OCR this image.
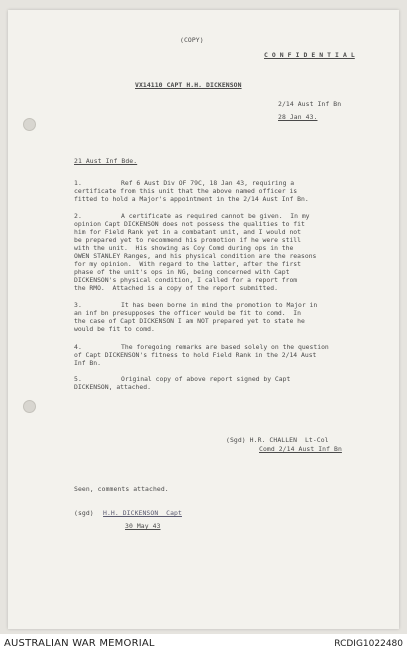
(COPY)
C O N F I D E N T I A L
VX14110 CAPT H.H. DICKENSON
2/14 Aust Inf Bn
28 Jan 43.
21 Aust Inf Bde.
1.	Ref 6 Aust Div OF 79C, 18 Jan 43, requiring a
certificate from this unit that the above named officer is
fitted to hold a Major's appointment in the 2/14 Aust Inf Bn.
2.	A certificate as required cannot be given.  In my
opinion Capt DICKENSON does not possess the qualities to fit
him for Field Rank yet in a combatant unit, and I would not
be prepared yet to recommend his promotion if he were still
with the unit.  His showing as Coy Comd during ops in the
OWEN STANLEY Ranges, and his physical condition are the reasons
for my opinion.  With regard to the latter, after the first
phase of the unit's ops in NG, being concerned with Capt
DICKENSON's physical condition, I called for a report from
the RMO.  Attached is a copy of the report submitted.
3.	It has been borne in mind the promotion to Major in
an inf bn presupposes the officer would be fit to comd.  In
the case of Capt DICKENSON I am NOT prepared yet to state he
would be fit to comd.
4.	The foregoing remarks are based solely on the question
of Capt DICKENSON's fitness to hold Field Rank in the 2/14 Aust
Inf Bn.
5.	Original copy of above report signed by Capt
DICKENSON, attached.
(Sgd) H.R. CHALLEN  Lt-Col
Comd 2/14 Aust Inf Bn
Seen, comments attached.
(sgd) H.H. DICKENSON  Capt
30 May 43
AUSTRALIAN WAR MEMORIAL	RCDIG1022480
